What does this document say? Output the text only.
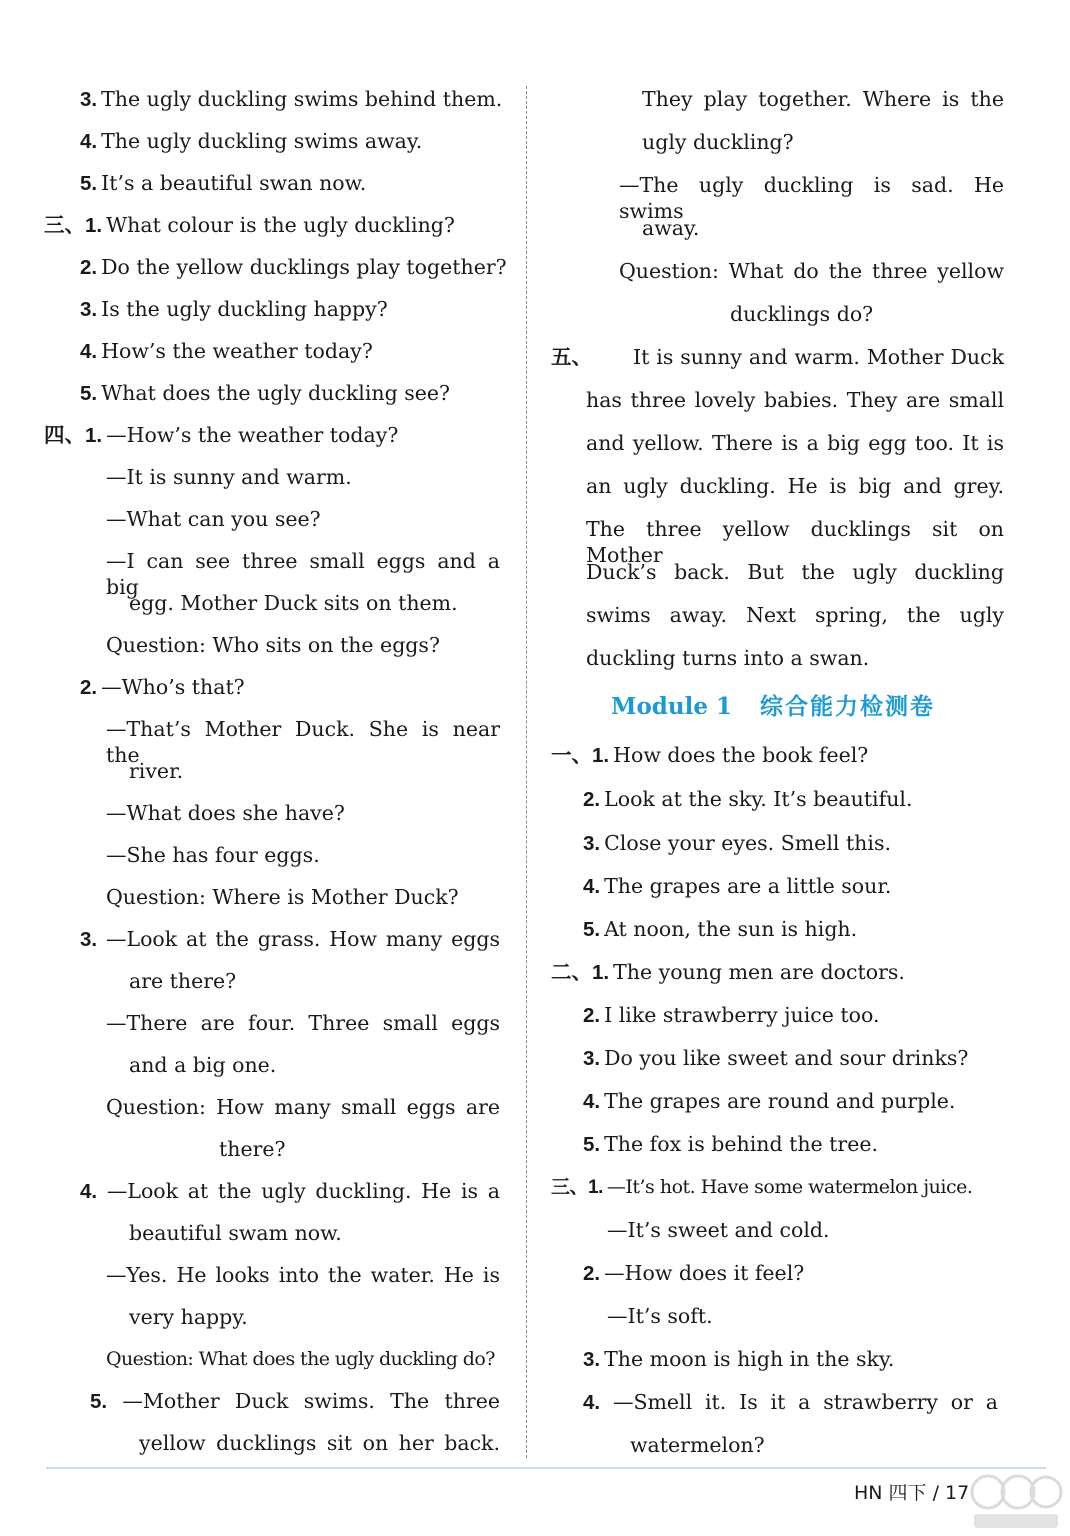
3. The ugly duckling swims behind them.
4. The ugly duckling swims away.
5. It’s a beautiful swan now.
三、1. What colour is the ugly duckling?
2. Do the yellow ducklings play together?
3. Is the ugly duckling happy?
4. How’s the weather today?
5. What does the ugly duckling see?
四、1. —How’s the weather today?
—It is sunny and warm.
—What can you see?
—I can see three small eggs and a big
egg. Mother Duck sits on them.
Question: Who sits on the eggs?
2. —Who’s that?
—That’s Mother Duck. She is near the
river.
—What does she have?
—She has four eggs.
Question: Where is Mother Duck?
3. —Look at the grass. How many eggs
are there?
—There are four. Three small eggs
and a big one.
Question: How many small eggs are
there?
4. —Look at the ugly duckling. He is a
beautiful swam now.
—Yes. He looks into the water. He is
very happy.
Question: What does the ugly duckling do?
5. —Mother Duck swims. The three
yellow ducklings sit on her back.
They play together. Where is the
ugly duckling?
—The ugly duckling is sad. He swims
away.
Question: What do the three yellow
ducklings do?
五、 It is sunny and warm. Mother Duck
has three lovely babies. They are small
and yellow. There is a big egg too. It is
an ugly duckling. He is big and grey.
The three yellow ducklings sit on Mother
Duck’s back. But the ugly duckling
swims away. Next spring, the ugly
duckling turns into a swan.
Module 1 综合能力检测卷
一、1. How does the book feel?
2. Look at the sky. It’s beautiful.
3. Close your eyes. Smell this.
4. The grapes are a little sour.
5. At noon, the sun is high.
二、1. The young men are doctors.
2. I like strawberry juice too.
3. Do you like sweet and sour drinks?
4. The grapes are round and purple.
5. The fox is behind the tree.
三、1. —It’s hot. Have some watermelon juice.
—It’s sweet and cold.
2. —How does it feel?
—It’s soft.
3. The moon is high in the sky.
4. —Smell it. Is it a strawberry or a
watermelon?
HN 四下 / 17
